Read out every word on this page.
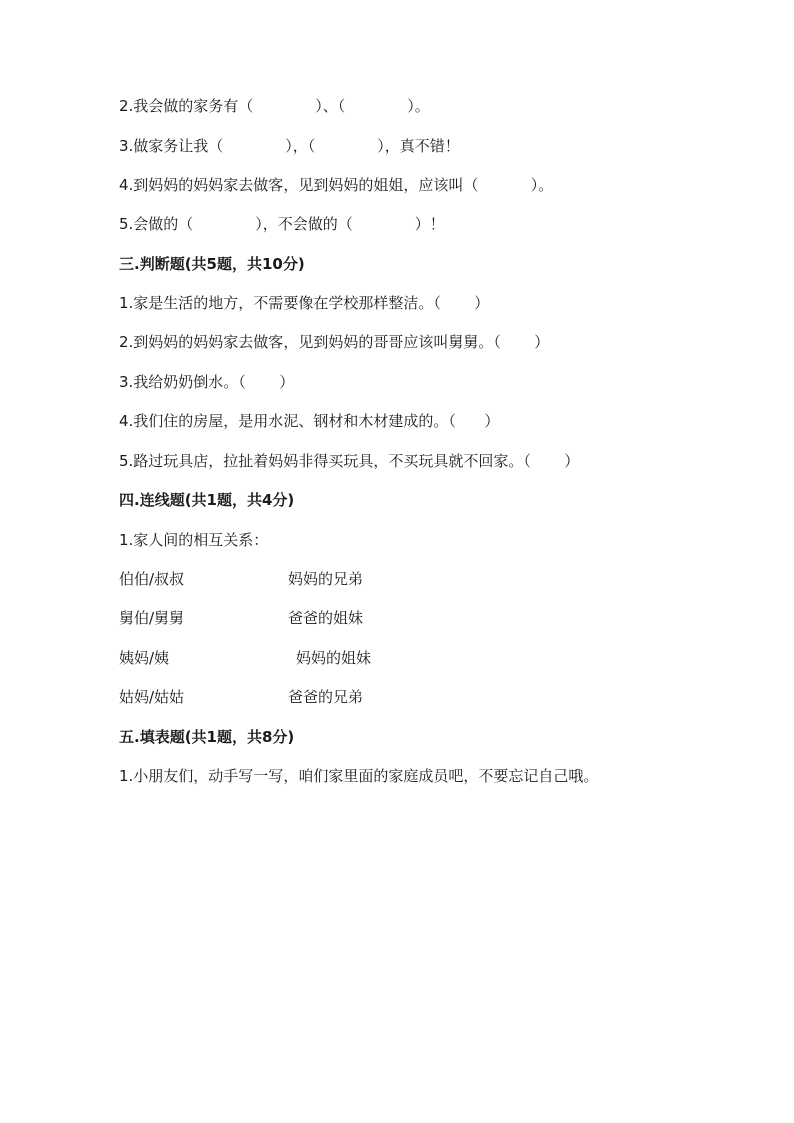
2.我会做的家务有（             ）、（             ）。
3.做家务让我（             ），（             ），真不错！
4.到妈妈的妈妈家去做客，见到妈妈的姐姐，应该叫（           ）。
5.会做的（             ），不会做的（             ）！
三.判断题(共5题，共10分)
1.家是生活的地方，不需要像在学校那样整洁。（       ）
2.到妈妈的妈妈家去做客，见到妈妈的哥哥应该叫舅舅。（       ）
3.我给奶奶倒水。（       ）
4.我们住的房屋，是用水泥、钢材和木材建成的。（      ）
5.路过玩具店，拉扯着妈妈非得买玩具，不买玩具就不回家。（       ）
四.连线题(共1题，共4分)
1.家人间的相互关系：
伯伯/叔叔	妈妈的兄弟
舅伯/舅舅	爸爸的姐妹
姨妈/姨	妈妈的姐妹
姑妈/姑姑	爸爸的兄弟
五.填表题(共1题，共8分)
1.小朋友们，动手写一写，咱们家里面的家庭成员吧，不要忘记自己哦。
